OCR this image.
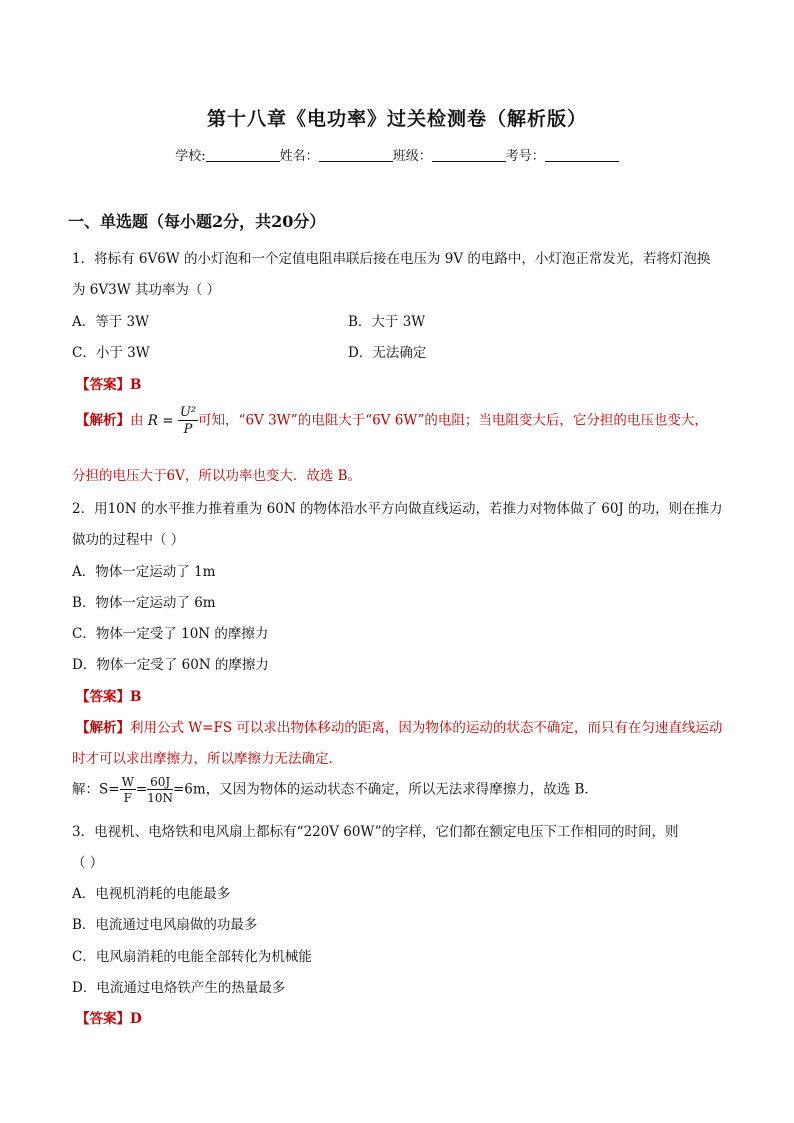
第十八章《电功率》过关检测卷（解析版）
学校:	姓名：	班级：	考号：
一、单选题（每小题2分，共20分）
1．将标有 6V6W 的小灯泡和一个定值电阻串联后接在电压为 9V 的电路中，小灯泡正常发光，若将灯泡换
为 6V3W 其功率为（ ）
A．等于 3W	B．大于 3W
C．小于 3W	D．无法确定
【答案】B
【解析】由 $R = \frac{\text{U²}}{P}$ 可知，“6V 3W”的电阻大于“6V 6W”的电阻；当电阻变大后，它分担的电压也变大，
分担的电压大于6V，所以功率也变大．故选 B。
2．用10N 的水平推力推着重为 60N 的物体沿水平方向做直线运动，若推力对物体做了 60J 的功，则在推力
做功的过程中（ ）
A．物体一定运动了 1m
B．物体一定运动了 6m
C．物体一定受了 10N 的摩擦力
D．物体一定受了 60N 的摩擦力
【答案】B
【解析】利用公式 W=FS 可以求出物体移动的距离，因为物体的运动的状态不确定，而只有在匀速直线运动
时才可以求出摩擦力，所以摩擦力无法确定．
解：$S= \frac{W}{F} = \frac{60J}{10N} =6m$，又因为物体的运动状态不确定，所以无法求得摩擦力，故选 B．
3．电视机、电烙铁和电风扇上都标有“220V 60W”的字样，它们都在额定电压下工作相同的时间，则
（ ）
A．电视机消耗的电能最多
B．电流通过电风扇做的功最多
C．电风扇消耗的电能全部转化为机械能
D．电流通过电烙铁产生的热量最多
【答案】D
